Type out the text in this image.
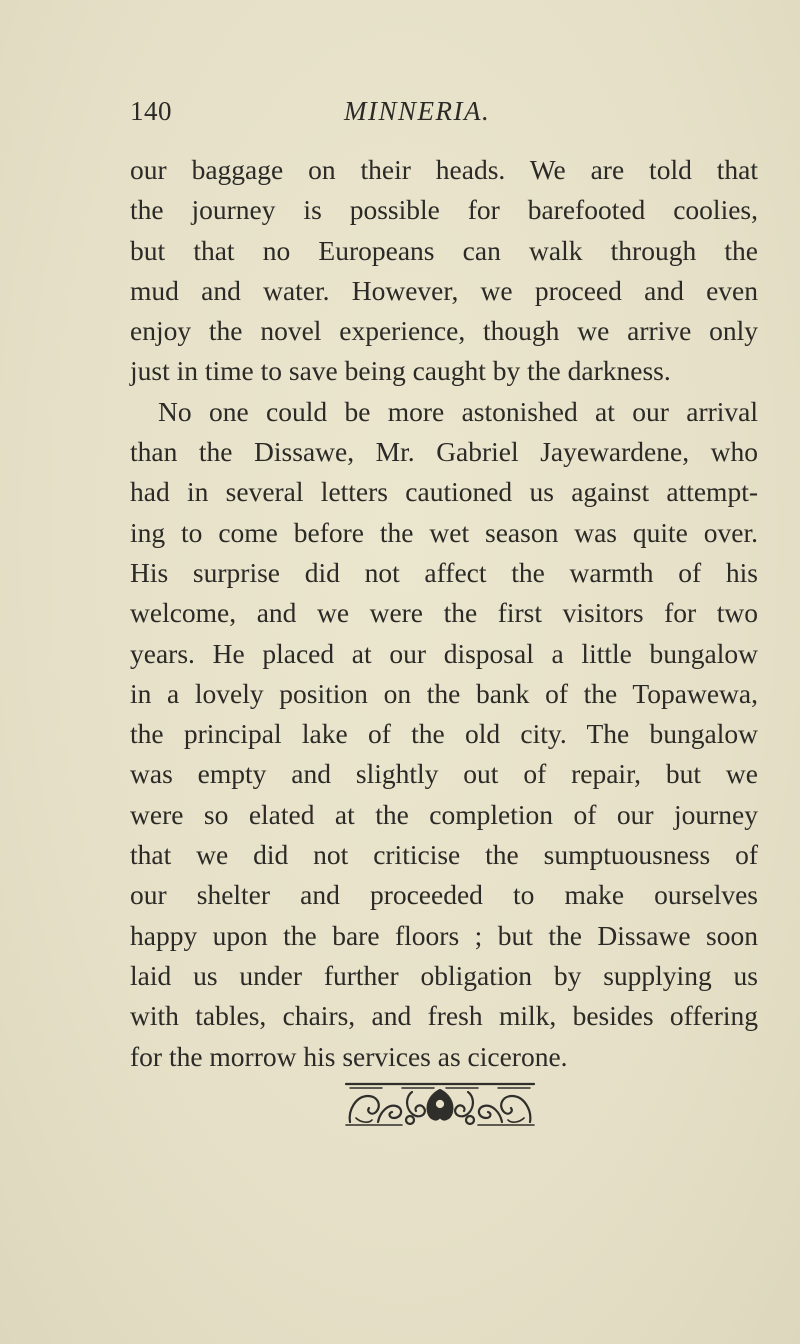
140	MINNERIA.
our baggage on their heads. We are told that
the journey is possible for barefooted coolies,
but that no Europeans can walk through the
mud and water. However, we proceed and even
enjoy the novel experience, though we arrive only
just in time to save being caught by the darkness.
No one could be more astonished at our arrival
than the Dissawe, Mr. Gabriel Jayewardene, who
had in several letters cautioned us against attempt-
ing to come before the wet season was quite over.
His surprise did not affect the warmth of his
welcome, and we were the first visitors for two
years. He placed at our disposal a little bungalow
in a lovely position on the bank of the Topawewa,
the principal lake of the old city. The bungalow
was empty and slightly out of repair, but we
were so elated at the completion of our journey
that we did not criticise the sumptuousness of
our shelter and proceeded to make ourselves
happy upon the bare floors ; but the Dissawe soon
laid us under further obligation by supplying us
with tables, chairs, and fresh milk, besides offering
for the morrow his services as cicerone.
